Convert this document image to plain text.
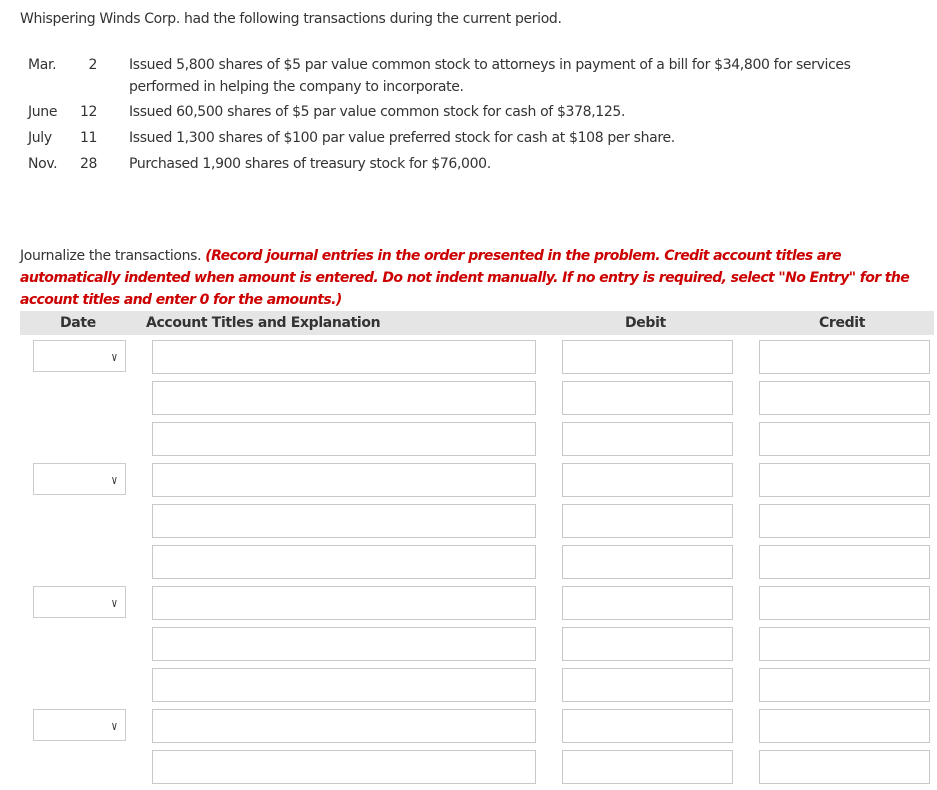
Whispering Winds Corp. had the following transactions during the current period.
Mar.	2 Issued 5,800 shares of $5 par value common stock to attorneys in payment of a bill for $34,800 for services performed in helping the company to incorporate.
June 12 Issued 60,500 shares of $5 par value common stock for cash of $378,125.
July 11 Issued 1,300 shares of $100 par value preferred stock for cash at $108 per share.
Nov. 28 Purchased 1,900 shares of treasury stock for $76,000.
Journalize the transactions. (Record journal entries in the order presented in the problem. Credit account titles are automatically indented when amount is entered. Do not indent manually. If no entry is required, select "No Entry" for the account titles and enter 0 for the amounts.)
Date	Account Titles and Explanation	Debit	Credit
∨
∨
∨
∨
